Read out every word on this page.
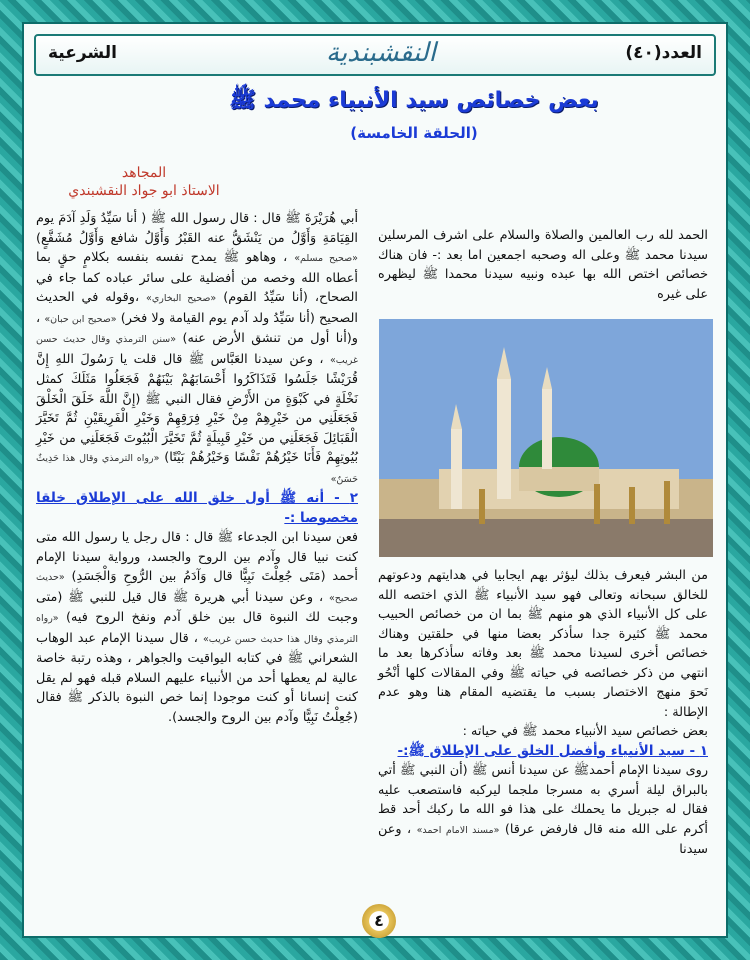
العدد(٤٠)
النقشبندية
الشرعية
بعض خصائص سيد الأنبياء محمد ﷺ
(الحلقة الخامسة)
المجاهد
الاستاذ ابو جواد النقشبندي
الحمد لله رب العالمين والصلاة والسلام على اشرف المرسلين سيدنا محمد ﷺ وعلى اله وصحبه اجمعين اما بعد :- فان هناك خصائص اختص الله بها عبده ونبيه سيدنا محمدا ﷺ ليظهره على غيره
من البشر فيعرف بذلك ليؤثر بهم ايجابيا في هدايتهم ودعوتهم للخالق سبحانه وتعالى فهو سيد الأنبياء ﷺ الذي اختصه الله على كل الأنبياء الذي هو منهم ﷺ بما ان من خصائص الحبيب محمد ﷺ كثيرة جدا سأذكر بعضا منها في حلقتين وهناك خصائص أخرى لسيدنا محمد ﷺ بعد وفاته سأذكرها بعد ما انتهي من ذكر خصائصه في حياته ﷺ وفي المقالات كلها أنْحُو نَحوَ منهج الاختصار بسبب ما يقتضيه المقام هنا وهو عدم الإطالة :
بعض خصائص سيد الأنبياء محمد ﷺ في حياته :
١ - سيد الأنبياء وأفضل الخلق على الإطلاق ﷺ:-
روى سيدنا الإمام أحمدﷺ عن سيدنا أنس ﷺ (أن النبي ﷺ أتي بالبراق ليلة أسري به مسرجا ملجما ليركبه فاستصعب عليه فقال له جبريل ما يحملك على هذا فو الله ما ركبك أحد قط أكرم على الله منه قال فارفض عرقا) «مسند الامام احمد» ، وعن سيدنا
أبي هُرَيْرَةَ ﷺ قال : قال رسول الله ﷺ ( أنا سَيِّدُ وَلَدِ آدَمَ يوم القِيَامَةِ وَأَوَّلُ من يَنْشَقُّ عنه القَبْرُ وَأَوَّلُ شافع وَأَوَّلُ مُشَفَّعٍ) «صحيح مسلم» ، وهاهو ﷺ يمدح نفسه بنفسه بكلامٍ حقٍ بما أعطاه الله وخصه من أفضلية على سائر عباده كما جاء في الصحاح، (أنا سَيِّدُ القوم) «صحيح البخاري» ،وقوله في الحديث الصحيح (أنا سَيِّدُ ولد آدم يوم القيامة ولا فخر) «صحيح ابن حبان» ، و(أنا أول من تنشق الأرض عنه) «سنن الترمذي وقال حديث حسن غريب» ، وعن سيدنا العَبَّاس ﷺ قال قلت يا رَسُولَ اللهِ إِنَّ قُرَيْشًا جَلَسُوا فَتَذَاكَرُوا أَحْسَابَهُمْ بَيْنَهُمْ فَجَعَلُوا مَثَلَكَ كمثل نَخْلَةٍ في كَبْوَةٍ من الأَرْضِ فقال النبي ﷺ (إِنَّ اللَّهَ خَلَقَ الْخَلْقَ فَجَعَلَنِي من خَيْرِهِمْ مِنْ خَيْرِ فِرَقِهِمْ وَخَيْرِ الْفَرِيقَيْنِ ثُمَّ تَخَيَّرَ الْقَبَائِلَ فَجَعَلَنِي من خَيْرِ قَبِيلَةٍ ثُمَّ تَخَيَّرَ الْبُيُوتَ فَجَعَلَنِي من خَيْرِ بُيُوتِهِمْ فَأَنَا خَيْرُهُمْ نَفْسًا وَخَيْرُهُمْ بَيْتًا) «رواه الترمذي وقال هذا حَدِيثٌ حَسَنٌ»
٢ - أنه ﷺ أول خلق الله على الإطلاق خلقا مخصوصا :-
فعن سيدنا ابن الجدعاء ﷺ قال : قال رجل يا رسول الله متى كنت نبيا قال وآدم بين الروح والجسد، ورواية سيدنا الإمام أحمد (مَتَى جُعِلْتَ نَبِيًّا قال وَآدَمُ بين الرُّوحِ وَالْجَسَدِ) «حديث صحيح» ، وعن سيدنا أبي هريرة ﷺ قال قيل للنبي ﷺ (متى وجبت لك النبوة قال بين خلق آدم ونفخ الروح فيه) «رواه الترمذي وقال هذا حديث حسن غريب» ، قال سيدنا الإمام عبد الوهاب الشعراني ﷺ في كتابه اليواقيت والجواهر ، وهذه رتبة خاصة عالية لم يعطها أحد من الأنبياء عليهم السلام قبله فهو لم يقل كنت إنسانا أو كنت موجودا إنما خص النبوة بالذكر ﷺ فقال (جُعِلْتُ نَبِيًّا وآدم بين الروح والجسد).
٤
